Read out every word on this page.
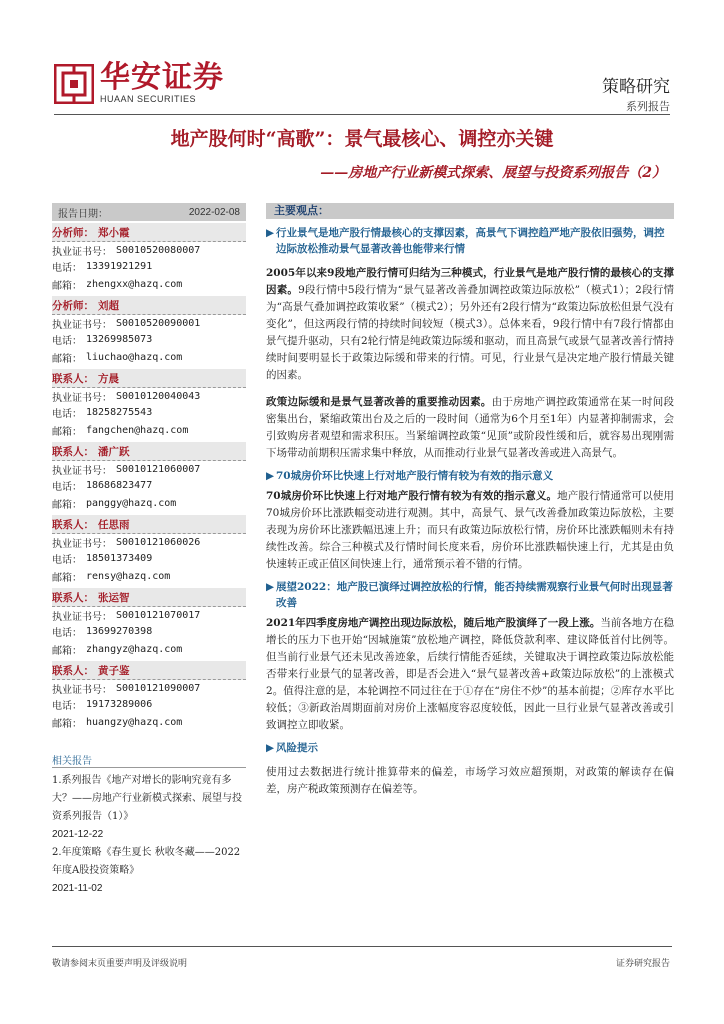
华安证券
HUAAN SECURITIES
策略研究
系列报告
地产股何时“高歌”：景气最核心、调控亦关键
——房地产行业新模式探索、展望与投资系列报告（2）
报告日期：	2022-02-08
分析师： 郑小霞
执业证书号： S0010520080007
电话： 13391921291
邮箱： zhengxx@hazq.com
分析师： 刘超
执业证书号： S0010520090001
电话： 13269985073
邮箱： liuchao@hazq.com
联系人： 方晨
执业证书号： S0010120040043
电话： 18258275543
邮箱： fangchen@hazq.com
联系人： 潘广跃
执业证书号： S0010121060007
电话： 18686823477
邮箱： panggy@hazq.com
联系人： 任思雨
执业证书号： S0010121060026
电话： 18501373409
邮箱： rensy@hazq.com
联系人： 张运智
执业证书号： S0010121070017
电话： 13699270398
邮箱： zhangyz@hazq.com
联系人： 黄子鉴
执业证书号： S0010121090007
电话： 19173289006
邮箱： huangzy@hazq.com
相关报告
1.系列报告《地产对增长的影响究竟有多大？——房地产行业新模式探索、展望与投资系列报告（1）》
2021-12-22
2.年度策略《春生夏长 秋收冬藏——2022年度A股投资策略》
2021-11-02
主要观点：
▶ 行业景气是地产股行情最核心的支撑因素，高景气下调控趋严地产股依旧强势，调控边际放松推动景气显著改善也能带来行情
2005年以来9段地产股行情可归结为三种模式，行业景气是地产股行情的最核心的支撑因素。9段行情中5段行情为“景气显著改善叠加调控政策边际放松”（模式1）；2段行情为“高景气叠加调控政策收紧”（模式2）；另外还有2段行情为“政策边际放松但景气没有变化”，但这两段行情的持续时间较短（模式3）。总体来看，9段行情中有7段行情都由景气提升驱动，只有2轮行情是纯政策边际缓和驱动，而且高景气或景气显著改善行情持续时间要明显长于政策边际缓和带来的行情。可见，行业景气是决定地产股行情最关键的因素。
政策边际缓和是景气显著改善的重要推动因素。由于房地产调控政策通常在某一时间段密集出台，紧缩政策出台及之后的一段时间（通常为6个月至1年）内显著抑制需求，会引致购房者观望和需求积压。当紧缩调控政策“见顶”或阶段性缓和后，就容易出现刚需下场带动前期积压需求集中释放，从而推动行业景气显著改善或进入高景气。
▶ 70城房价环比快速上行对地产股行情有较为有效的指示意义
70城房价环比快速上行对地产股行情有较为有效的指示意义。地产股行情通常可以使用70城房价环比涨跌幅变动进行观测。其中，高景气、景气改善叠加政策边际放松，主要表现为房价环比涨跌幅迅速上升；而只有政策边际放松行情，房价环比涨跌幅则未有持续性改善。综合三种模式及行情时间长度来看，房价环比涨跌幅快速上行，尤其是由负快速转正或正值区间快速上行，通常预示着不错的行情。
▶ 展望2022：地产股已演绎过调控放松的行情，能否持续需观察行业景气何时出现显著改善
2021年四季度房地产调控出现边际放松，随后地产股演绎了一段上涨。当前各地方在稳增长的压力下也开始“因城施策”放松地产调控，降低贷款利率、建议降低首付比例等。但当前行业景气还未见改善迹象，后续行情能否延续，关键取决于调控政策边际放松能否带来行业景气的显著改善，即是否会进入“景气显著改善+政策边际放松”的上涨模式2。值得注意的是，本轮调控不同过往在于①存在“房住不炒”的基本前提；②库存水平比较低；③新政治周期面前对房价上涨幅度容忍度较低，因此一旦行业景气显著改善或引致调控立即收紧。
▶ 风险提示
使用过去数据进行统计推算带来的偏差，市场学习效应超预期，对政策的解读存在偏差，房产税政策预测存在偏差等。
敬请参阅末页重要声明及评级说明	证券研究报告
